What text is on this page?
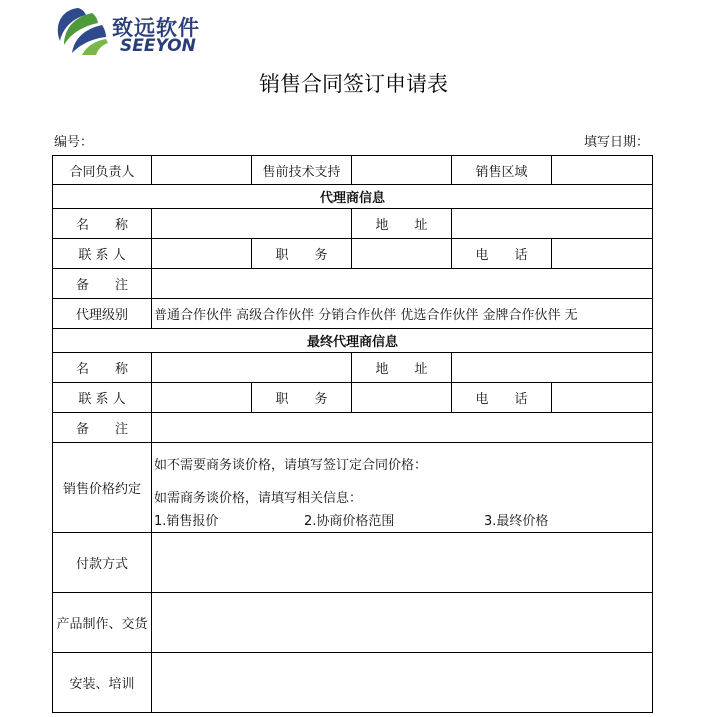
致远软件
SEEYON
销售合同签订申请表
编号：	填写日期：
合同负责人		售前技术支持		销售区域	
代理商信息					
名　　称			地　　址		
联 系 人		职　　务		电　　话	
备　　注					
代理级别	普通合作伙伴 高级合作伙伴 分销合作伙伴 优选合作伙伴 金牌合作伙伴 无				
最终代理商信息					
名　　称			地　　址		
联 系 人		职　　务		电　　话	
备　　注					
销售价格约定	如不需要商务谈价格，请填写签订定合同价格：
如需商务谈价格，请填写相关信息：
1.销售报价 2.协商价格范围 3.最终价格				

付款方式					
产品制作、交货					
安装、培训					
